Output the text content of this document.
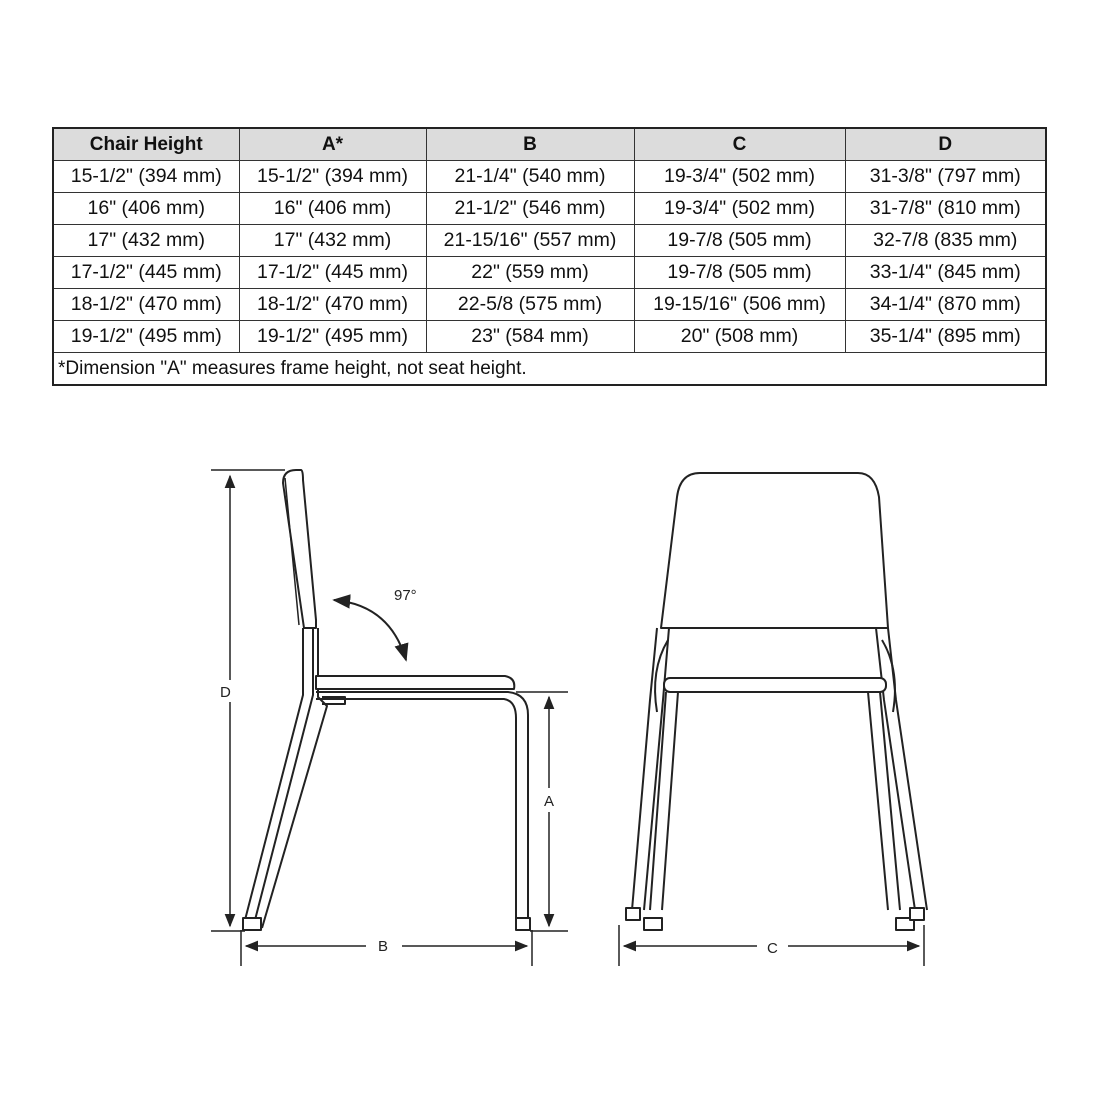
Chair Height	A*	B	C	D
15-1/2" (394 mm)	15-1/2" (394 mm)	21-1/4" (540 mm)	19-3/4" (502 mm)	31-3/8" (797 mm)
16" (406 mm)	16" (406 mm)	21-1/2" (546 mm)	19-3/4" (502 mm)	31-7/8" (810 mm)
17" (432 mm)	17" (432 mm)	21-15/16" (557 mm)	19-7/8 (505 mm)	32-7/8 (835 mm)
17-1/2" (445 mm)	17-1/2" (445 mm)	22" (559 mm)	19-7/8 (505 mm)	33-1/4" (845 mm)
18-1/2" (470 mm)	18-1/2" (470 mm)	22-5/8 (575 mm)	19-15/16" (506 mm)	34-1/4" (870 mm)
19-1/2" (495 mm)	19-1/2" (495 mm)	23" (584 mm)	20" (508 mm)	35-1/4" (895 mm)
*Dimension "A" measures frame height, not seat height.				
97°
D
A
B	C
